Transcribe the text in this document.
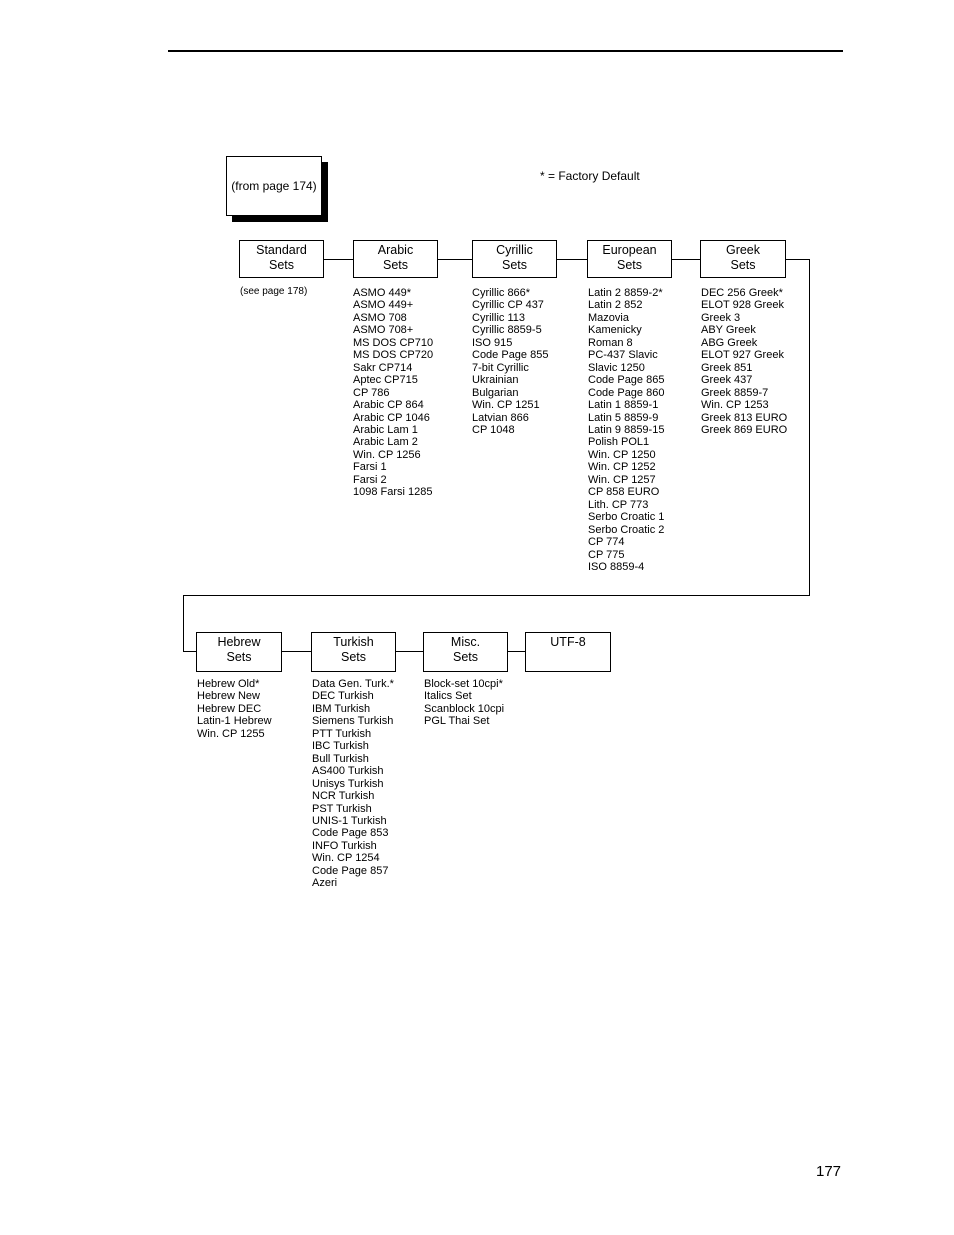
(from page 174)
* = Factory Default
Standard
Sets
(see page 178)
Arabic
Sets
ASMO 449*
ASMO 449+
ASMO 708
ASMO 708+
MS DOS CP710
MS DOS CP720
Sakr CP714
Aptec CP715
CP 786
Arabic CP 864
Arabic CP 1046
Arabic Lam 1
Arabic Lam 2
Win. CP 1256
Farsi 1
Farsi 2
1098 Farsi 1285
Cyrillic
Sets
Cyrillic 866*
Cyrillic CP 437
Cyrillic 113
Cyrillic 8859-5
ISO 915
Code Page 855
7-bit Cyrillic
Ukrainian
Bulgarian
Win. CP 1251
Latvian 866
CP 1048
European
Sets
Latin 2 8859-2*
Latin 2 852
Mazovia
Kamenicky
Roman 8
PC-437 Slavic
Slavic 1250
Code Page 865
Code Page 860
Latin 1 8859-1
Latin 5 8859-9
Latin 9 8859-15
Polish POL1
Win. CP 1250
Win. CP 1252
Win. CP 1257
CP 858 EURO
Lith. CP 773
Serbo Croatic 1
Serbo Croatic 2
CP 774
CP 775
ISO 8859-4
Greek
Sets
DEC 256 Greek*
ELOT 928 Greek
Greek 3
ABY Greek
ABG Greek
ELOT 927 Greek
Greek 851
Greek 437
Greek 8859-7
Win. CP 1253
Greek 813 EURO
Greek 869 EURO
Hebrew
Sets
Hebrew Old*
Hebrew New
Hebrew DEC
Latin-1 Hebrew
Win. CP 1255
Turkish
Sets
Data Gen. Turk.*
DEC Turkish
IBM Turkish
Siemens Turkish
PTT Turkish
IBC Turkish
Bull Turkish
AS400 Turkish
Unisys Turkish
NCR Turkish
PST Turkish
UNIS-1 Turkish
Code Page 853
INFO Turkish
Win. CP 1254
Code Page 857
Azeri
Misc.
Sets
Block-set 10cpi*
Italics Set
Scanblock 10cpi
PGL Thai Set
UTF-8
177
